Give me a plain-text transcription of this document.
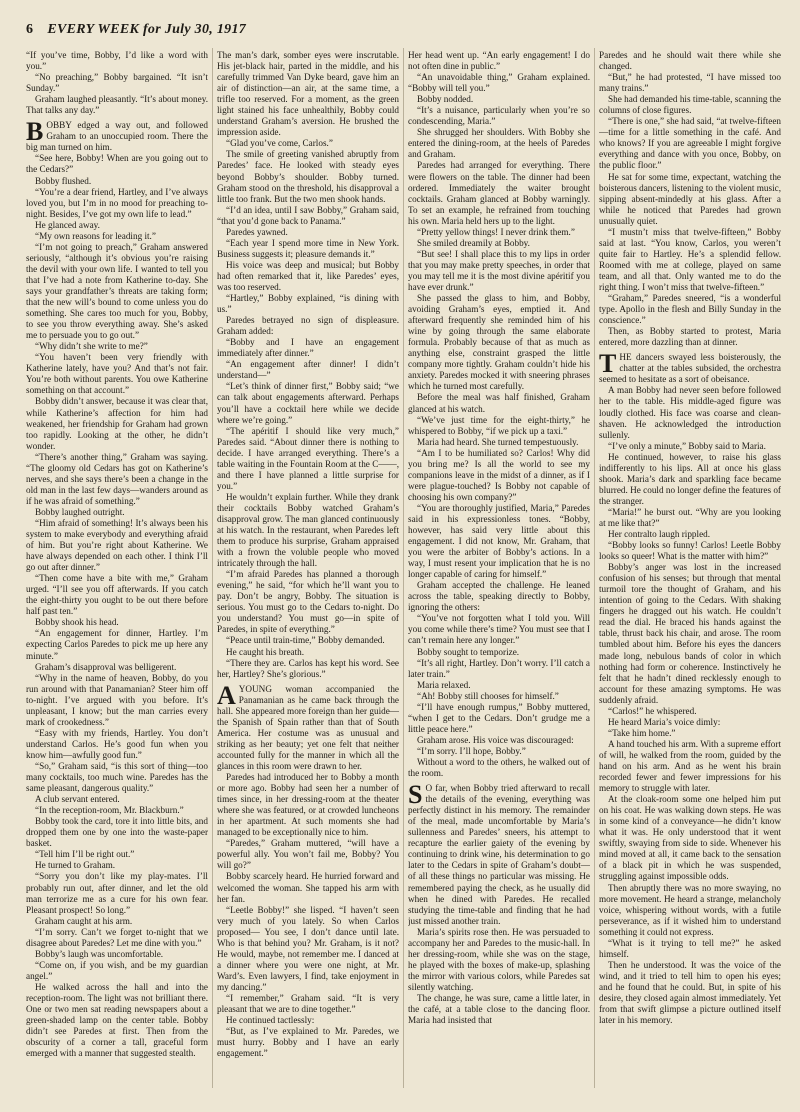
6 EVERY WEEK for July 30, 1917

“If you’ve time, Bobby, I’d like a word with you.”

“No preaching,” Bobby bargained. “It isn’t Sunday.”

Graham laughed pleasantly. “It’s about money. That talks any day.”

BOBBY edged a way out, and followed Graham to an unoccupied room. There the big man turned on him.

“See here, Bobby! When are you going out to the Cedars?”

Bobby flushed.

“You’re a dear friend, Hartley, and I’ve always loved you, but I’m in no mood for preaching to-night. Besides, I’ve got my own life to lead.”

He glanced away.

“My own reasons for leading it.”

“I’m not going to preach,” Graham answered seriously, “although it’s obvious you’re raising the devil with your own life. I wanted to tell you that I’ve had a note from Katherine to-day. She says your grandfather’s threats are taking form; that the new will’s bound to come unless you do something. She cares too much for you, Bobby, to see you throw everything away. She’s asked me to persuade you to go out.”

“Why didn’t she write to me?”

“You haven’t been very friendly with Katherine lately, have you? And that’s not fair. You’re both without parents. You owe Katherine something on that account.”

Bobby didn’t answer, because it was clear that, while Katherine’s affection for him had weakened, her friendship for Graham had grown too rapidly. Looking at the other, he didn’t wonder.

“There’s another thing,” Graham was saying. “The gloomy old Cedars has got on Katherine’s nerves, and she says there’s been a change in the old man in the last few days—wanders around as if he was afraid of something.”

Bobby laughed outright.

“Him afraid of something! It’s always been his system to make everybody and everything afraid of him. But you’re right about Katherine. We have always depended on each other. I think I’ll go out after dinner.”

“Then come have a bite with me,” Graham urged. “I’ll see you off afterwards. If you catch the eight-thirty you ought to be out there before half past ten.”

Bobby shook his head.

“An engagement for dinner, Hartley. I’m expecting Carlos Paredes to pick me up here any minute.”

Graham’s disapproval was belligerent.

“Why in the name of heaven, Bobby, do you run around with that Panamanian? Steer him off to-night. I’ve argued with you before. It’s unpleasant, I know; but the man carries every mark of crookedness.”

“Easy with my friends, Hartley. You don’t understand Carlos. He’s good fun when you know him—awfully good fun.”

“So,” Graham said, “is this sort of thing—too many cocktails, too much wine. Paredes has the same pleasant, dangerous quality.”

A club servant entered.

“In the reception-room, Mr. Blackburn.”

Bobby took the card, tore it into little bits, and dropped them one by one into the waste-paper basket.

“Tell him I’ll be right out.”

He turned to Graham.

“Sorry you don’t like my play-mates. I’ll probably run out, after dinner, and let the old man terrorize me as a cure for his own fear. Pleasant prospect! So long.”

Graham caught at his arm.

“I’m sorry. Can’t we forget to-night that we disagree about Paredes? Let me dine with you.”

Bobby’s laugh was uncomfortable.

“Come on, if you wish, and be my guardian angel.”

He walked across the hall and into the reception-room. The light was not brilliant there. One or two men sat reading newspapers about a green-shaded lamp on the center table. Bobby didn’t see Paredes at first. Then from the obscurity of a corner a tall, graceful form emerged with a manner that suggested stealth.

The man’s dark, somber eyes were inscrutable. His jet-black hair, parted in the middle, and his carefully trimmed Van Dyke beard, gave him an air of distinction—an air, at the same time, a trifle too reserved. For a moment, as the green light stained his face unhealthily, Bobby could understand Graham’s aversion. He brushed the impression aside.

“Glad you’ve come, Carlos.”

The smile of greeting vanished abruptly from Paredes’ face. He looked with steady eyes beyond Bobby’s shoulder. Bobby turned. Graham stood on the threshold, his disapproval a little too frank. But the two men shook hands.

“I’d an idea, until I saw Bobby,” Graham said, “that you’d gone back to Panama.”

Paredes yawned.

“Each year I spend more time in New York. Business suggests it; pleasure demands it.”

His voice was deep and musical; but Bobby had often remarked that it, like Paredes’ eyes, was too reserved.

“Hartley,” Bobby explained, “is dining with us.”

Paredes betrayed no sign of displeasure. Graham added:

“Bobby and I have an engagement immediately after dinner.”

“An engagement after dinner! I didn’t understand—”

“Let’s think of dinner first,” Bobby said; “we can talk about engagements afterward. Perhaps you’ll have a cocktail here while we decide where we’re going.”

“The apéritif I should like very much,” Paredes said. “About dinner there is nothing to decide. I have arranged everything. There’s a table waiting in the Fountain Room at the C——, and there I have planned a little surprise for you.”

He wouldn’t explain further. While they drank their cocktails Bobby watched Graham’s disapproval grow. The man glanced continuously at his watch. In the restaurant, when Paredes left them to produce his surprise, Graham appraised with a frown the voluble people who moved intricately through the hall.

“I’m afraid Paredes has planned a thorough evening,” he said, “for which he’ll want you to pay. Don’t be angry, Bobby. The situation is serious. You must go to the Cedars to-night. Do you understand? You must go—in spite of Paredes, in spite of everything.”

“Peace until train-time,” Bobby demanded.

He caught his breath.

“There they are. Carlos has kept his word. See her, Hartley? She’s glorious.”

AYOUNG woman accompanied the Panamanian as he came back through the hall. She appeared more foreign than her guide—the Spanish of Spain rather than that of South America. Her costume was as unusual and striking as her beauty; yet one felt that neither accounted fully for the manner in which all the glances in this room were drawn to her.

Paredes had introduced her to Bobby a month or more ago. Bobby had seen her a number of times since, in her dressing-room at the theater where she was featured, or at crowded luncheons in her apartment. At such moments she had managed to be exceptionally nice to him.

“Paredes,” Graham muttered, “will have a powerful ally. You won’t fail me, Bobby? You will go?”

Bobby scarcely heard. He hurried forward and welcomed the woman. She tapped his arm with her fan.

“Leetle Bobby!” she lisped. “I haven’t seen very much of you lately. So when Carlos proposed— You see, I don’t dance until late. Who is that behind you? Mr. Graham, is it not? He would, maybe, not remember me. I danced at a dinner where you were one night, at Mr. Ward’s. Even lawyers, I find, take enjoyment in my dancing.”

“I remember,” Graham said. “It is very pleasant that we are to dine together.”

He continued tactlessly:

“But, as I’ve explained to Mr. Paredes, we must hurry. Bobby and I have an early engagement.”

Her head went up. “An early engagement! I do not often dine in public.”

“An unavoidable thing,” Graham explained. “Bobby will tell you.”

Bobby nodded.

“It’s a nuisance, particularly when you’re so condescending, Maria.”

She shrugged her shoulders. With Bobby she entered the dining-room, at the heels of Paredes and Graham.

Paredes had arranged for everything. There were flowers on the table. The dinner had been ordered. Immediately the waiter brought cocktails. Graham glanced at Bobby warningly. To set an example, he refrained from touching his own. Maria held hers up to the light.

“Pretty yellow things! I never drink them.”

She smiled dreamily at Bobby.

“But see! I shall place this to my lips in order that you may make pretty speeches, in order that you may tell me it is the most divine apéritif you have ever drunk.”

She passed the glass to him, and Bobby, avoiding Graham’s eyes, emptied it. And afterward frequently she reminded him of his wine by going through the same elaborate formula. Probably because of that as much as anything else, constraint grasped the little company more tightly. Graham couldn’t hide his anxiety. Paredes mocked it with sneering phrases which he turned most carefully.

Before the meal was half finished, Graham glanced at his watch.

“We’ve just time for the eight-thirty,” he whispered to Bobby, “if we pick up a taxi.”

Maria had heard. She turned tempestuously.

“Am I to be humiliated so? Carlos! Why did you bring me? Is all the world to see my companions leave in the midst of a dinner, as if I were plague-touched? Is Bobby not capable of choosing his own company?”

“You are thoroughly justified, Maria,” Paredes said in his expressionless tones. “Bobby, however, has said very little about this engagement. I did not know, Mr. Graham, that you were the arbiter of Bobby’s actions. In a way, I must resent your implication that he is no longer capable of caring for himself.”

Graham accepted the challenge. He leaned across the table, speaking directly to Bobby, ignoring the others:

“You’ve not forgotten what I told you. Will you come while there’s time? You must see that I can’t remain here any longer.”

Bobby sought to temporize.

“It’s all right, Hartley. Don’t worry. I’ll catch a later train.”

Maria relaxed.

“Ah! Bobby still chooses for himself.”

“I’ll have enough rumpus,” Bobby muttered, “when I get to the Cedars. Don’t grudge me a little peace here.”

Graham arose. His voice was discouraged:

“I’m sorry. I’ll hope, Bobby.”

Without a word to the others, he walked out of the room.

SO far, when Bobby tried afterward to recall the details of the evening, everything was perfectly distinct in his memory. The remainder of the meal, made uncomfortable by Maria’s sullenness and Paredes’ sneers, his attempt to recapture the earlier gaiety of the evening by continuing to drink wine, his determination to go later to the Cedars in spite of Graham’s doubt—of all these things no particular was missing. He remembered paying the check, as he usually did when he dined with Paredes. He recalled studying the time-table and finding that he had just missed another train.

Maria’s spirits rose then. He was persuaded to accompany her and Paredes to the music-hall. In her dressing-room, while she was on the stage, he played with the boxes of make-up, splashing the mirror with various colors, while Paredes sat silently watching.

The change, he was sure, came a little later, in the café, at a table close to the dancing floor. Maria had insisted that

Paredes and he should wait there while she changed.

“But,” he had protested, “I have missed too many trains.”

She had demanded his time-table, scanning the columns of close figures.

“There is one,” she had said, “at twelve-fifteen—time for a little something in the café. And who knows? If you are agreeable I might forgive everything and dance with you once, Bobby, on the public floor.”

He sat for some time, expectant, watching the boisterous dancers, listening to the violent music, sipping absent-mindedly at his glass. After a while he noticed that Paredes had grown unusually quiet.

“I mustn’t miss that twelve-fifteen,” Bobby said at last. “You know, Carlos, you weren’t quite fair to Hartley. He’s a splendid fellow. Roomed with me at college, played on same team, and all that. Only wanted me to do the right thing. I won’t miss that twelve-fifteen.”

“Graham,” Paredes sneered, “is a wonderful type. Apollo in the flesh and Billy Sunday in the conscience.”

Then, as Bobby started to protest, Maria entered, more dazzling than at dinner.

THE dancers swayed less boisterously, the chatter at the tables subsided, the orchestra seemed to hesitate as a sort of obeisance.

A man Bobby had never seen before followed her to the table. His middle-aged figure was loudly clothed. His face was coarse and clean-shaven. He acknowledged the introduction sullenly.

“I’ve only a minute,” Bobby said to Maria.

He continued, however, to raise his glass indifferently to his lips. All at once his glass shook. Maria’s dark and sparkling face became blurred. He could no longer define the features of the stranger.

“Maria!” he burst out. “Why are you looking at me like that?”

Her contralto laugh rippled.

“Bobby looks so funny! Carlos! Leetle Bobby looks so queer! What is the matter with him?”

Bobby’s anger was lost in the increased confusion of his senses; but through that mental turmoil tore the thought of Graham, and his intention of going to the Cedars. With shaking fingers he dragged out his watch. He couldn’t read the dial. He braced his hands against the table, thrust back his chair, and arose. The room tumbled about him. Before his eyes the dancers made long, nebulous bands of color in which nothing had form or coherence. Instinctively he felt that he hadn’t dined recklessly enough to account for these amazing symptoms. He was suddenly afraid.

“Carlos!” he whispered.

He heard Maria’s voice dimly:

“Take him home.”

A hand touched his arm. With a supreme effort of will, he walked from the room, guided by the hand on his arm. And as he went his brain recorded fewer and fewer impressions for his memory to struggle with later.

At the cloak-room some one helped him put on his coat. He was walking down steps. He was in some kind of a conveyance—he didn’t know what it was. He only understood that it went swiftly, swaying from side to side. Whenever his mind moved at all, it came back to the sensation of a black pit in which he was suspended, struggling against impossible odds.

Then abruptly there was no more swaying, no more movement. He heard a strange, melancholy voice, whispering without words, with a futile perseverance, as if it wished him to understand something it could not express.

“What is it trying to tell me?” he asked himself.

Then he understood. It was the voice of the wind, and it tried to tell him to open his eyes; and he found that he could. But, in spite of his desire, they closed again almost immediately. Yet from that swift glimpse a picture outlined itself later in his memory.
